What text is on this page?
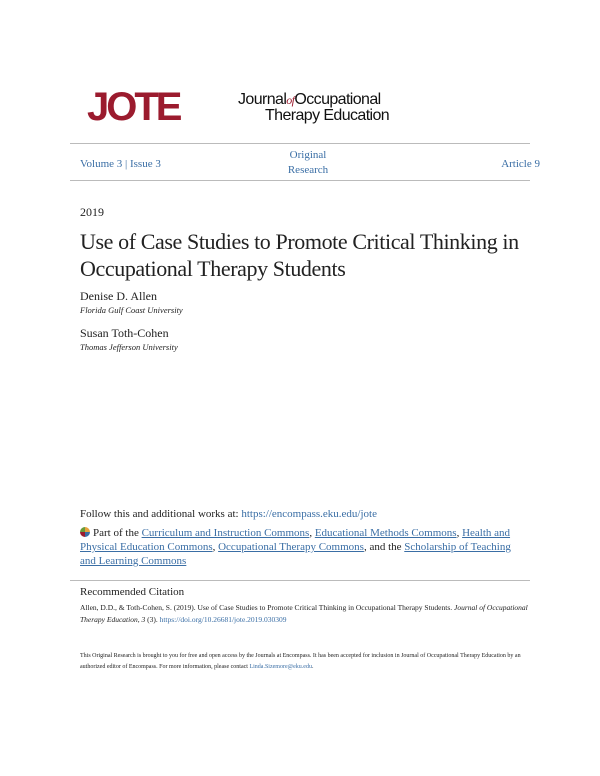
JOTE	JournalofOccupational
Therapy Education
Volume 3 | Issue 3
Original
Research	Article 9
2019
Use of Case Studies to Promote Critical Thinking in Occupational Therapy Students
Denise D. Allen
Florida Gulf Coast University
Susan Toth-Cohen
Thomas Jefferson University
Follow this and additional works at: https://encompass.eku.edu/jote
Part of the Curriculum and Instruction Commons, Educational Methods Commons, Health and Physical Education Commons, Occupational Therapy Commons, and the Scholarship of Teaching and Learning Commons
Recommended Citation
Allen, D.D., & Toth-Cohen, S. (2019). Use of Case Studies to Promote Critical Thinking in Occupational Therapy Students. Journal of Occupational Therapy Education, 3 (3). https://doi.org/10.26681/jote.2019.030309
This Original Research is brought to you for free and open access by the Journals at Encompass. It has been accepted for inclusion in Journal of Occupational Therapy Education by an authorized editor of Encompass. For more information, please contact Linda.Sizemore@eku.edu.
